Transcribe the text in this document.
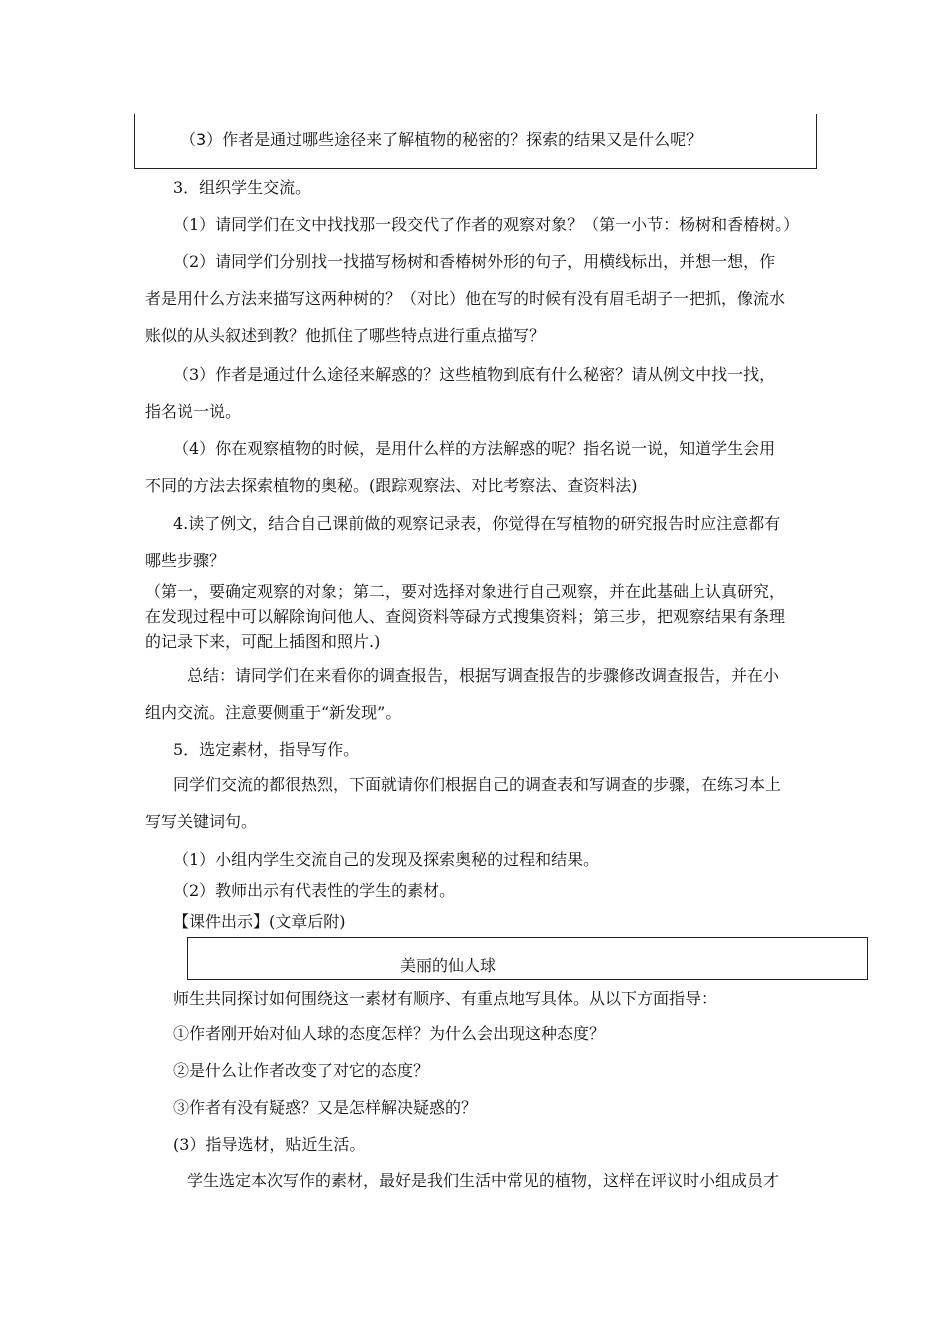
（3）作者是通过哪些途径来了解植物的秘密的？探索的结果又是什么呢？
3．组织学生交流。
（1）请同学们在文中找找那一段交代了作者的观察对象？（第一小节：杨树和香椿树。）
（2）请同学们分别找一找描写杨树和香椿树外形的句子，用横线标出，并想一想，作
者是用什么方法来描写这两种树的？（对比）他在写的时候有没有眉毛胡子一把抓，像流水
账似的从头叙述到教？他抓住了哪些特点进行重点描写？
（3）作者是通过什么途径来解惑的？这些植物到底有什么秘密？请从例文中找一找，
指名说一说。
（4）你在观察植物的时候，是用什么样的方法解惑的呢？指名说一说，知道学生会用
不同的方法去探索植物的奥秘。(跟踪观察法、对比考察法、查资料法)
4.读了例文，结合自己课前做的观察记录表，你觉得在写植物的研究报告时应注意都有
哪些步骤？
（第一，要确定观察的对象；第二，要对选择对象进行自己观察，并在此基础上认真研究，
在发现过程中可以解除询问他人、查阅资料等碌方式搜集资料；第三步，把观察结果有条理
的记录下来，可配上插图和照片.)
总结：请同学们在来看你的调查报告，根据写调查报告的步骤修改调查报告，并在小
组内交流。注意要侧重于“新发现”。
5．选定素材，指导写作。
同学们交流的都很热烈，下面就请你们根据自己的调查表和写调查的步骤，在练习本上
写写关键词句。
（1）小组内学生交流自己的发现及探索奥秘的过程和结果。
（2）教师出示有代表性的学生的素材。
【课件出示】(文章后附)
美丽的仙人球
师生共同探讨如何围绕这一素材有顺序、有重点地写具体。从以下方面指导：
①作者刚开始对仙人球的态度怎样？为什么会出现这种态度？
②是什么让作者改变了对它的态度？
③作者有没有疑惑？又是怎样解决疑惑的？
(3）指导选材，贴近生活。
学生选定本次写作的素材，最好是我们生活中常见的植物，这样在评议时小组成员才
